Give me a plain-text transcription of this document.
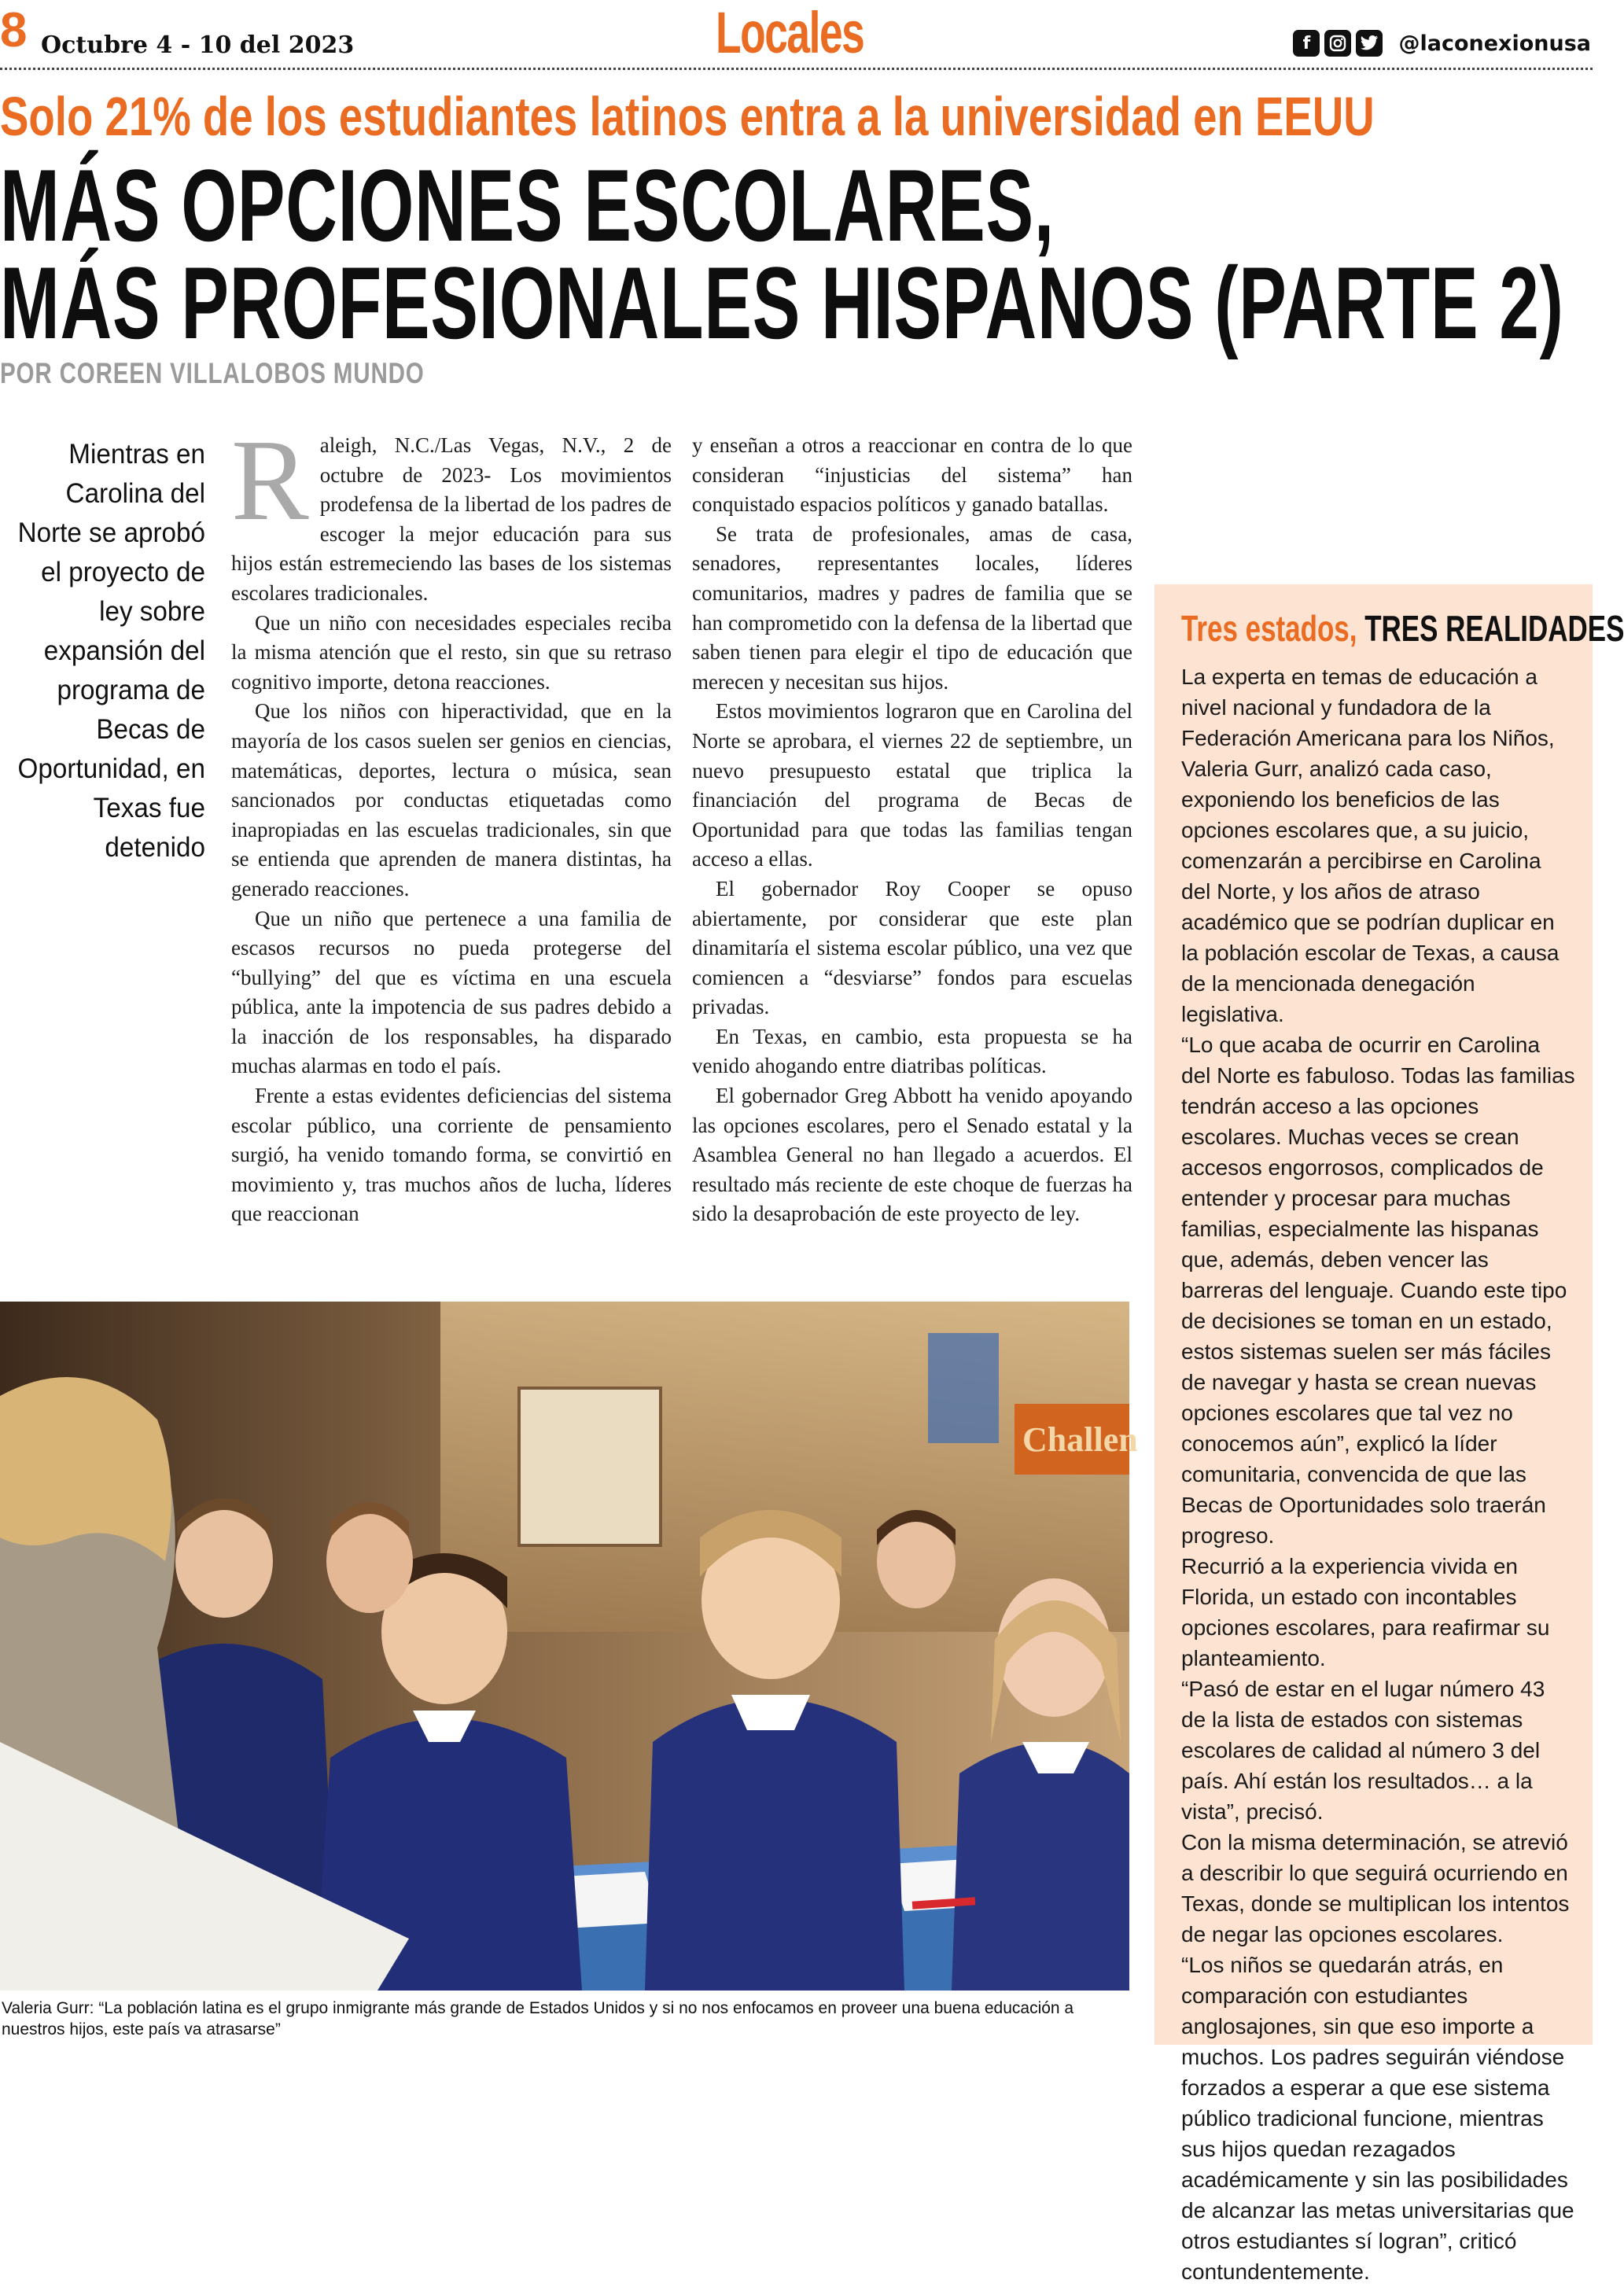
8 Octubre 4 - 10 del 2023	Locales	f	@laconexionusa
Solo 21% de los estudiantes latinos entra a la universidad en EEUU
MÁS OPCIONES ESCOLARES,
MÁS PROFESIONALES HISPANOS (PARTE 2)
POR COREEN VILLALOBOS MUNDO
Mientras en Carolina del Norte se aprobó el proyecto de ley sobre expansión del programa de Becas de Oportunidad, en Texas fue detenido

Raleigh, N.C./Las Vegas, N.V., 2 de octubre de 2023- Los movimientos prodefensa de la libertad de los padres de escoger la mejor educación para sus hijos están estremeciendo las bases de los sistemas escolares tradicionales.

Que un niño con necesidades especiales reciba la misma atención que el resto, sin que su retraso cognitivo importe, detona reacciones.

Que los niños con hiperactividad, que en la mayoría de los casos suelen ser genios en ciencias, matemáticas, deportes, lectura o música, sean sancionados por conductas etiquetadas como inapropiadas en las escuelas tradicionales, sin que se entienda que aprenden de manera distintas, ha generado reacciones.

Que un niño que pertenece a una familia de escasos recursos no pueda protegerse del “bullying” del que es víctima en una escuela pública, ante la impotencia de sus padres debido a la inacción de los responsables, ha disparado muchas alarmas en todo el país.

Frente a estas evidentes deficiencias del sistema escolar público, una corriente de pensamiento surgió, ha venido tomando forma, se convirtió en movimiento y, tras muchos años de lucha, líderes que reaccionan

y enseñan a otros a reaccionar en contra de lo que consideran “injusticias del sistema” han conquistado espacios políticos y ganado batallas.

Se trata de profesionales, amas de casa, senadores, representantes locales, líderes comunitarios, madres y padres de familia que se han comprometido con la defensa de la libertad que saben tienen para elegir el tipo de educación que merecen y necesitan sus hijos.

Estos movimientos lograron que en Carolina del Norte se aprobara, el viernes 22 de septiembre, un nuevo presupuesto estatal que triplica la financiación del programa de Becas de Oportunidad para que todas las familias tengan acceso a ellas.

El gobernador Roy Cooper se opuso abiertamente, por considerar que este plan dinamitaría el sistema escolar público, una vez que comiencen a “desviarse” fondos para escuelas privadas.

En Texas, en cambio, esta propuesta se ha venido ahogando entre diatribas políticas.

El gobernador Greg Abbott ha venido apoyando las opciones escolares, pero el Senado estatal y la Asamblea General no han llegado a acuerdos. El resultado más reciente de este choque de fuerzas ha sido la desaprobación de este proyecto de ley.

Challen
Valeria Gurr: “La población latina es el grupo inmigrante más grande de Estados Unidos y si no nos enfocamos en proveer una buena educación a nuestros hijos, este país va atrasarse”
Tres estados, TRES REALIDADES

La experta en temas de educación a nivel nacional y fundadora de la Federación Americana para los Niños, Valeria Gurr, analizó cada caso, exponiendo los beneficios de las opciones escolares que, a su juicio, comenzarán a percibirse en Carolina del Norte, y los años de atraso académico que se podrían duplicar en la población escolar de Texas, a causa de la mencionada denegación legislativa.

“Lo que acaba de ocurrir en Carolina del Norte es fabuloso. Todas las familias tendrán acceso a las opciones escolares. Muchas veces se crean accesos engorrosos, complicados de entender y procesar para muchas familias, especialmente las hispanas que, además, deben vencer las barreras del lenguaje. Cuando este tipo de decisiones se toman en un estado, estos sistemas suelen ser más fáciles de navegar y hasta se crean nuevas opciones escolares que tal vez no conocemos aún”, explicó la líder comunitaria, convencida de que las Becas de Oportunidades solo traerán progreso.

Recurrió a la experiencia vivida en Florida, un estado con incontables opciones escolares, para reafirmar su planteamiento.

“Pasó de estar en el lugar número 43 de la lista de estados con sistemas escolares de calidad al número 3 del país. Ahí están los resultados… a la vista”, precisó.

Con la misma determinación, se atrevió a describir lo que seguirá ocurriendo en Texas, donde se multiplican los intentos de negar las opciones escolares.

“Los niños se quedarán atrás, en comparación con estudiantes anglosajones, sin que eso importe a muchos. Los padres seguirán viéndose forzados a esperar a que ese sistema público tradicional funcione, mientras sus hijos quedan rezagados académicamente y sin las posibilidades de alcanzar las metas universitarias que otros estudiantes sí logran”, criticó contundentemente.
